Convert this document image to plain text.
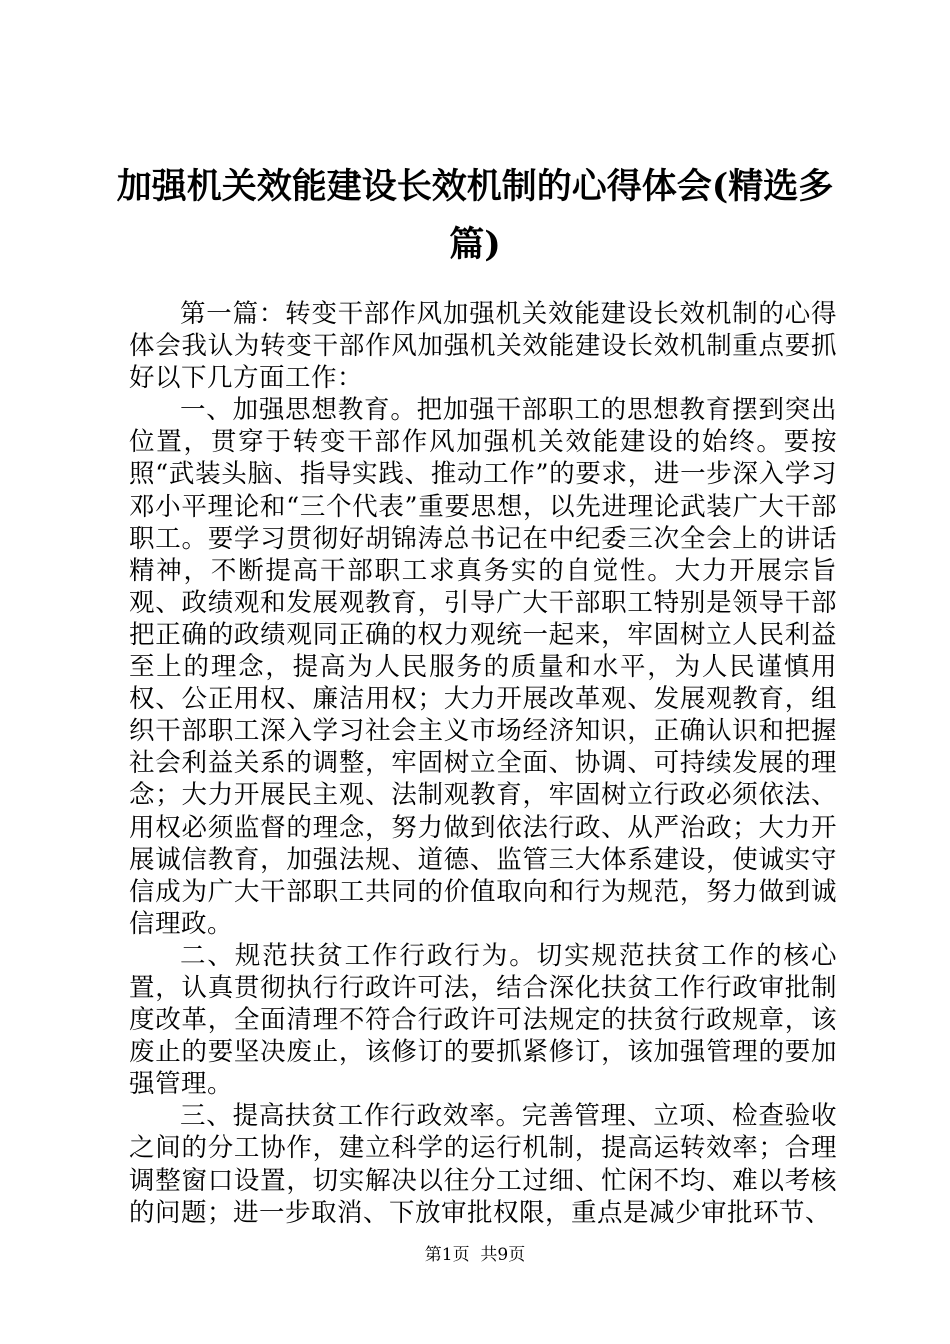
加强机关效能建设长效机制的心得体会(精选多篇)

第一篇：转变干部作风加强机关效能建设长效机制的心得体会我认为转变干部作风加强机关效能建设长效机制重点要抓好以下几方面工作：

一、加强思想教育。把加强干部职工的思想教育摆到突出位置，贯穿于转变干部作风加强机关效能建设的始终。要按照“武装头脑、指导实践、推动工作”的要求，进一步深入学习邓小平理论和“三个代表”重要思想，以先进理论武装广大干部职工。要学习贯彻好胡锦涛总书记在中纪委三次全会上的讲话精神，不断提高干部职工求真务实的自觉性。大力开展宗旨观、政绩观和发展观教育，引导广大干部职工特别是领导干部把正确的政绩观同正确的权力观统一起来，牢固树立人民利益至上的理念，提高为人民服务的质量和水平，为人民谨慎用权、公正用权、廉洁用权；大力开展改革观、发展观教育，组织干部职工深入学习社会主义市场经济知识，正确认识和把握社会利益关系的调整，牢固树立全面、协调、可持续发展的理念；大力开展民主观、法制观教育，牢固树立行政必须依法、用权必须监督的理念，努力做到依法行政、从严治政；大力开展诚信教育，加强法规、道德、监管三大体系建设，使诚实守信成为广大干部职工共同的价值取向和行为规范，努力做到诚信理政。

二、规范扶贫工作行政行为。切实规范扶贫工作的核心置，认真贯彻执行行政许可法，结合深化扶贫工作行政审批制度改革，全面清理不符合行政许可法规定的扶贫行政规章，该废止的要坚决废止，该修订的要抓紧修订，该加强管理的要加强管理。

三、提高扶贫工作行政效率。完善管理、立项、检查验收之间的分工协作，建立科学的运行机制，提高运转效率；合理调整窗口设置，切实解决以往分工过细、忙闲不均、难以考核的问题；进一步取消、下放审批权限，重点是减少审批环节、

第1页 共9页
